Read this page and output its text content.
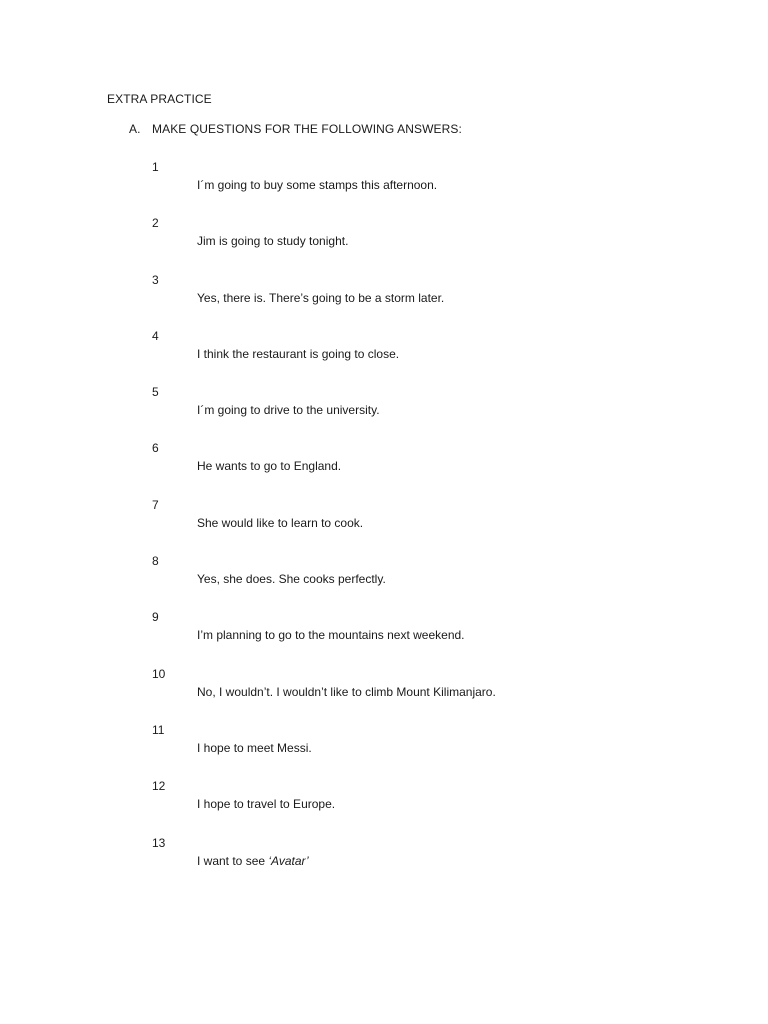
EXTRA PRACTICE
A. MAKE QUESTIONS FOR THE FOLLOWING ANSWERS:
1
I´m going to buy some stamps this afternoon.
2
Jim is going to study tonight.
3
Yes, there is. There’s going to be a storm later.
4
I think the restaurant is going to close.
5
I´m going to drive to the university.
6
He wants to go to England.
7
She would like to learn to cook.
8
Yes, she does. She cooks perfectly.
9
I’m planning to go to the mountains next weekend.
10
No, I wouldn’t. I wouldn’t like to climb Mount Kilimanjaro.
11
I hope to meet Messi.
12
I hope to travel to Europe.
13
I want to see ‘Avatar’
